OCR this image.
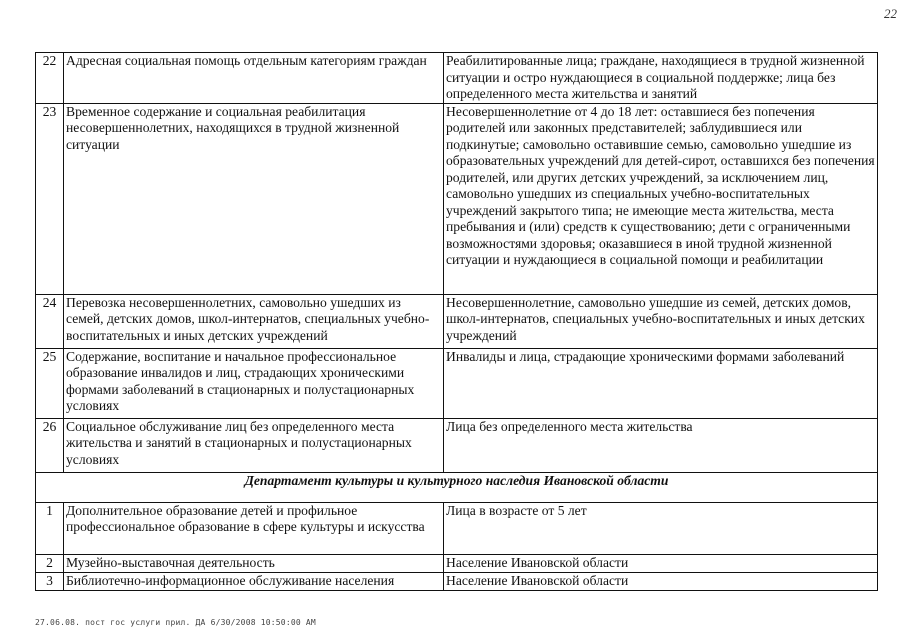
22
22	Адресная социальная помощь отдельным категориям граждан	Реабилитированные лица; граждане, находящиеся в трудной жизненной ситуации и остро нуждающиеся в социальной поддержке; лица без определенного места жительства и занятий
23	Временное содержание и социальная реабилитация несовершеннолетних, находящихся в трудной жизненной ситуации	Несовершеннолетние от 4 до 18 лет: оставшиеся без попечения родителей или законных представителей; заблудившиеся или подкинутые; самовольно оставившие семью, самовольно ушедшие из образовательных учреждений для детей-сирот, оставшихся без попечения родителей, или других детских учреждений, за исключением лиц, самовольно ушедших из специальных учебно-воспитательных учреждений закрытого типа; не имеющие места жительства, места пребывания и (или) средств к существованию; дети с ограниченными возможностями здоровья; оказавшиеся в иной трудной жизненной ситуации и нуждающиеся в социальной помощи и реабилитации
24	Перевозка несовершеннолетних, самовольно ушедших из семей, детских домов, школ-интернатов, специальных учебно-воспитательных и иных детских учреждений	Несовершеннолетние, самовольно ушедшие из семей, детских домов, школ-интернатов, специальных учебно-воспитательных и иных детских учреждений
25	Содержание, воспитание и начальное профессиональное образование инвалидов и лиц, страдающих хроническими формами заболеваний в стационарных и полустационарных условиях	Инвалиды и лица, страдающие хроническими формами заболеваний
26	Социальное обслуживание лиц без определенного места жительства и занятий в стационарных и полустационарных условиях	Лица без определенного места жительства
Департамент культуры и культурного наследия Ивановской области		
1	Дополнительное образование детей и профильное профессиональное образование в сфере культуры и искусства	Лица в возрасте от 5 лет
2	Музейно-выставочная деятельность	Население Ивановской области
3	Библиотечно-информационное обслуживание населения	Население Ивановской области
27.06.08. пост гос услуги прил. ДА 6/30/2008 10:50:00 AM
